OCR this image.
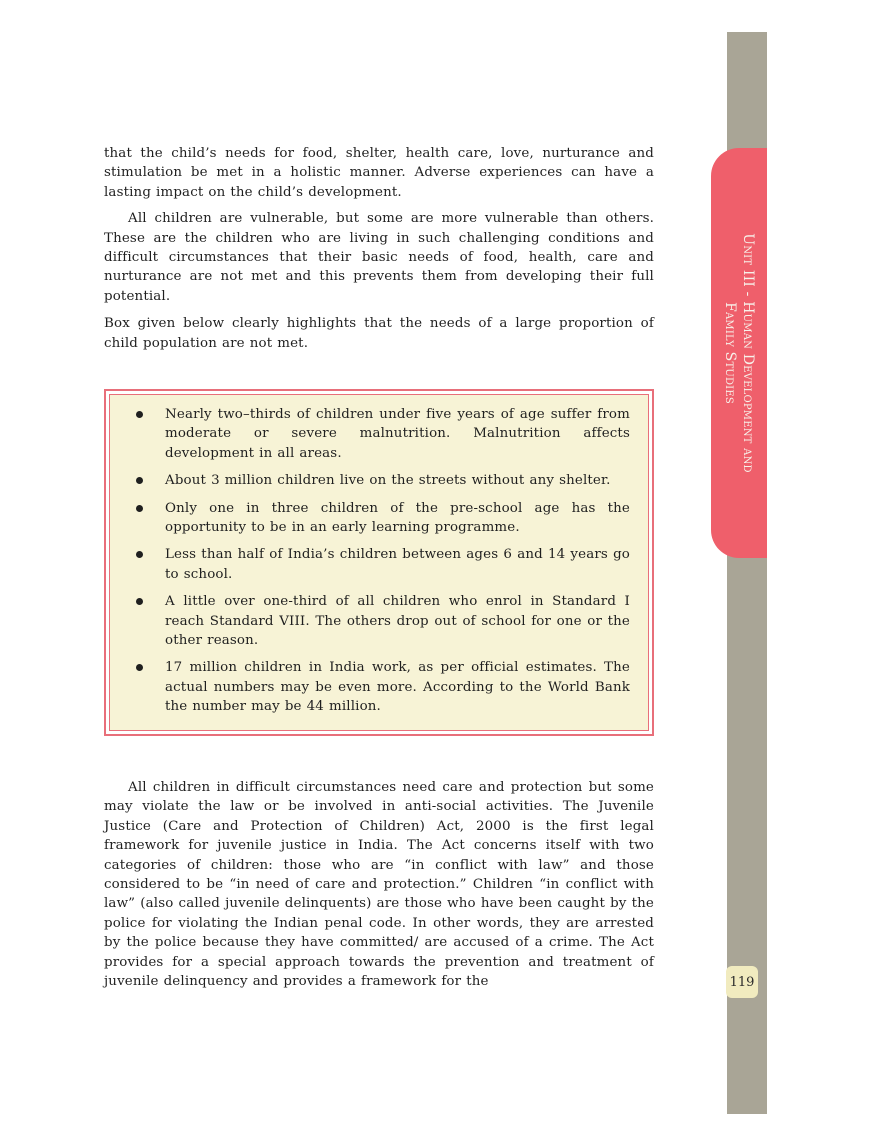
Unit III - Human Development and
Family Studies
119

that the child’s needs for food, shelter, health care, love, nurturance and stimulation be met in a holistic manner. Adverse experiences can have a lasting impact on the child’s development.

All children are vulnerable, but some are more vulnerable than others. These are the children who are living in such challenging conditions and difficult circumstances that their basic needs of food, health, care and nurturance are not met and this prevents them from developing their full potential.

Box given below clearly highlights that the needs of a large proportion of child population are not met.

Nearly two–thirds of children under five years of age suffer from moderate or severe malnutrition. Malnutrition affects development in all areas.
About 3 million children live on the streets without any shelter.
Only one in three children of the pre-school age has the opportunity to be in an early learning programme.
Less than half of India’s children between ages 6 and 14 years go to school.
A little over one-third of all children who enrol in Standard I reach Standard VIII. The others drop out of school for one or the other reason.
17 million children in India work, as per official estimates. The actual numbers may be even more. According to the World Bank the number may be 44 million.

All children in difficult circumstances need care and protection but some may violate the law or be involved in anti-social activities. The Juvenile Justice (Care and Protection of Children) Act, 2000 is the first legal framework for juvenile justice in India. The Act concerns itself with two categories of children: those who are “in conflict with law” and those considered to be “in need of care and protection.” Children “in conflict with law” (also called juvenile delinquents) are those who have been caught by the police for violating the Indian penal code. In other words, they are arrested by the police because they have committed/ are accused of a crime. The Act provides for a special approach towards the prevention and treatment of juvenile delinquency and provides a framework for the
